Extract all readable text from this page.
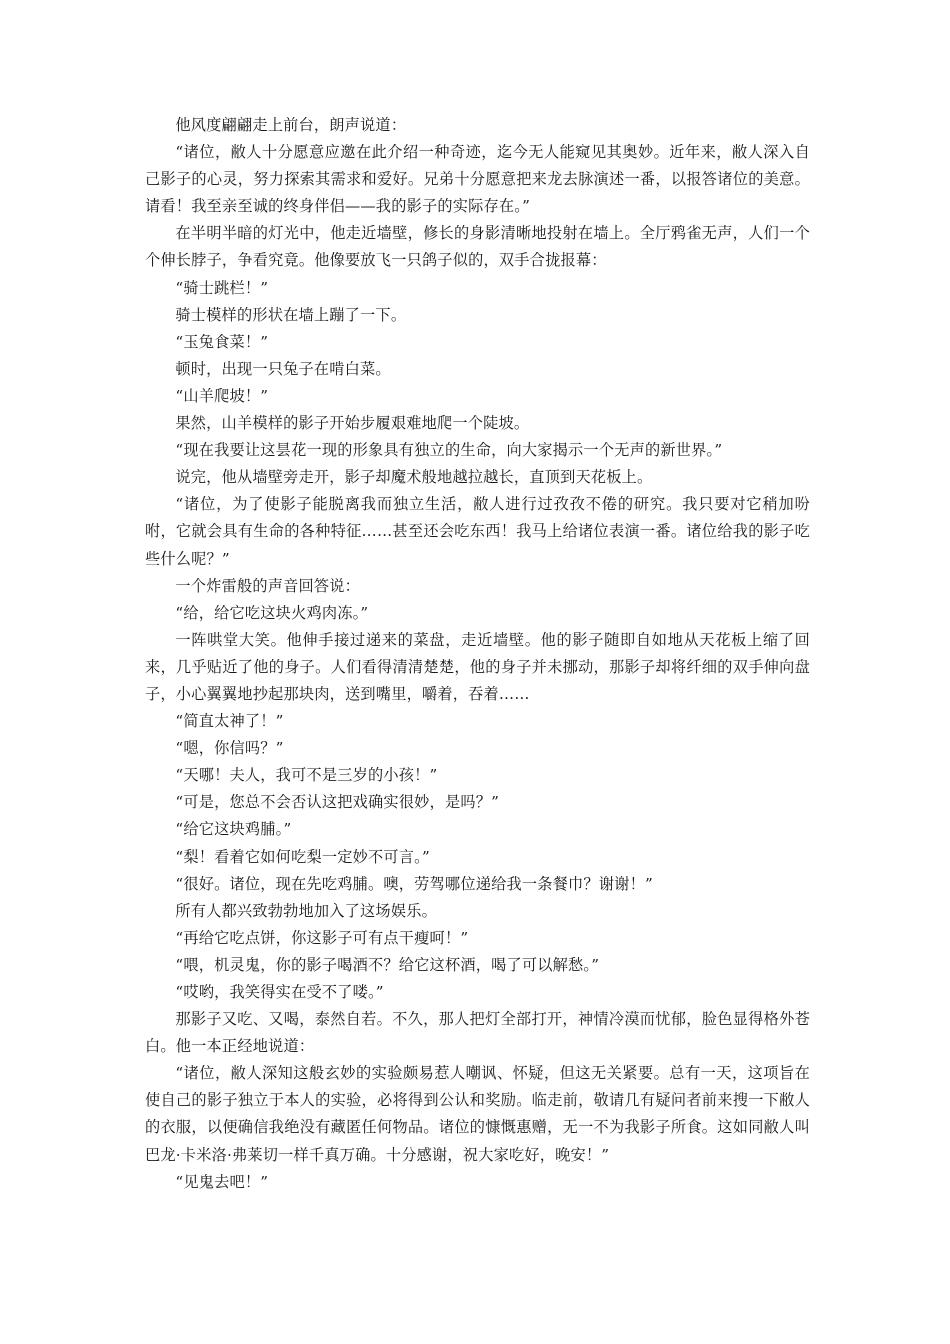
他风度翩翩走上前台，朗声说道：

“诸位，敝人十分愿意应邀在此介绍一种奇迹，迄今无人能窥见其奥妙。近年来，敝人深入自己影子的心灵，努力探索其需求和爱好。兄弟十分愿意把来龙去脉演述一番，以报答诸位的美意。请看！我至亲至诚的终身伴侣——我的影子的实际存在。”

在半明半暗的灯光中，他走近墙壁，修长的身影清晰地投射在墙上。全厅鸦雀无声，人们一个个伸长脖子，争看究竟。他像要放飞一只鸽子似的，双手合拢报幕：

“骑士跳栏！”

骑士模样的形状在墙上蹦了一下。

“玉兔食菜！”

顿时，出现一只兔子在啃白菜。

“山羊爬坡！”

果然，山羊模样的影子开始步履艰难地爬一个陡坡。

“现在我要让这昙花一现的形象具有独立的生命，向大家揭示一个无声的新世界。”

说完，他从墙壁旁走开，影子却魔术般地越拉越长，直顶到天花板上。

“诸位，为了使影子能脱离我而独立生活，敝人进行过孜孜不倦的研究。我只要对它稍加吩咐，它就会具有生命的各种特征……甚至还会吃东西！我马上给诸位表演一番。诸位给我的影子吃些什么呢？”

一个炸雷般的声音回答说：

“给，给它吃这块火鸡肉冻。”

一阵哄堂大笑。他伸手接过递来的菜盘，走近墙壁。他的影子随即自如地从天花板上缩了回来，几乎贴近了他的身子。人们看得清清楚楚，他的身子并未挪动，那影子却将纤细的双手伸向盘子，小心翼翼地抄起那块肉，送到嘴里，嚼着，吞着……

“简直太神了！”

“嗯，你信吗？”

“天哪！夫人，我可不是三岁的小孩！”

“可是，您总不会否认这把戏确实很妙，是吗？”

“给它这块鸡脯。”

“梨！看着它如何吃梨一定妙不可言。”

“很好。诸位，现在先吃鸡脯。噢，劳驾哪位递给我一条餐巾？谢谢！”

所有人都兴致勃勃地加入了这场娱乐。

“再给它吃点饼，你这影子可有点干瘦呵！”

“喂，机灵鬼，你的影子喝酒不？给它这杯酒，喝了可以解愁。”

“哎哟，我笑得实在受不了喽。”

那影子又吃、又喝，泰然自若。不久，那人把灯全部打开，神情冷漠而忧郁，脸色显得格外苍白。他一本正经地说道：

“诸位，敝人深知这般玄妙的实验颇易惹人嘲讽、怀疑，但这无关紧要。总有一天，这项旨在使自己的影子独立于本人的实验，必将得到公认和奖励。临走前，敬请几有疑问者前来搜一下敝人的衣服，以便确信我绝没有藏匿任何物品。诸位的慷慨惠赠，无一不为我影子所食。这如同敝人叫巴龙·卡米洛·弗莱切一样千真万确。十分感谢，祝大家吃好，晚安！”

“见鬼去吧！”
